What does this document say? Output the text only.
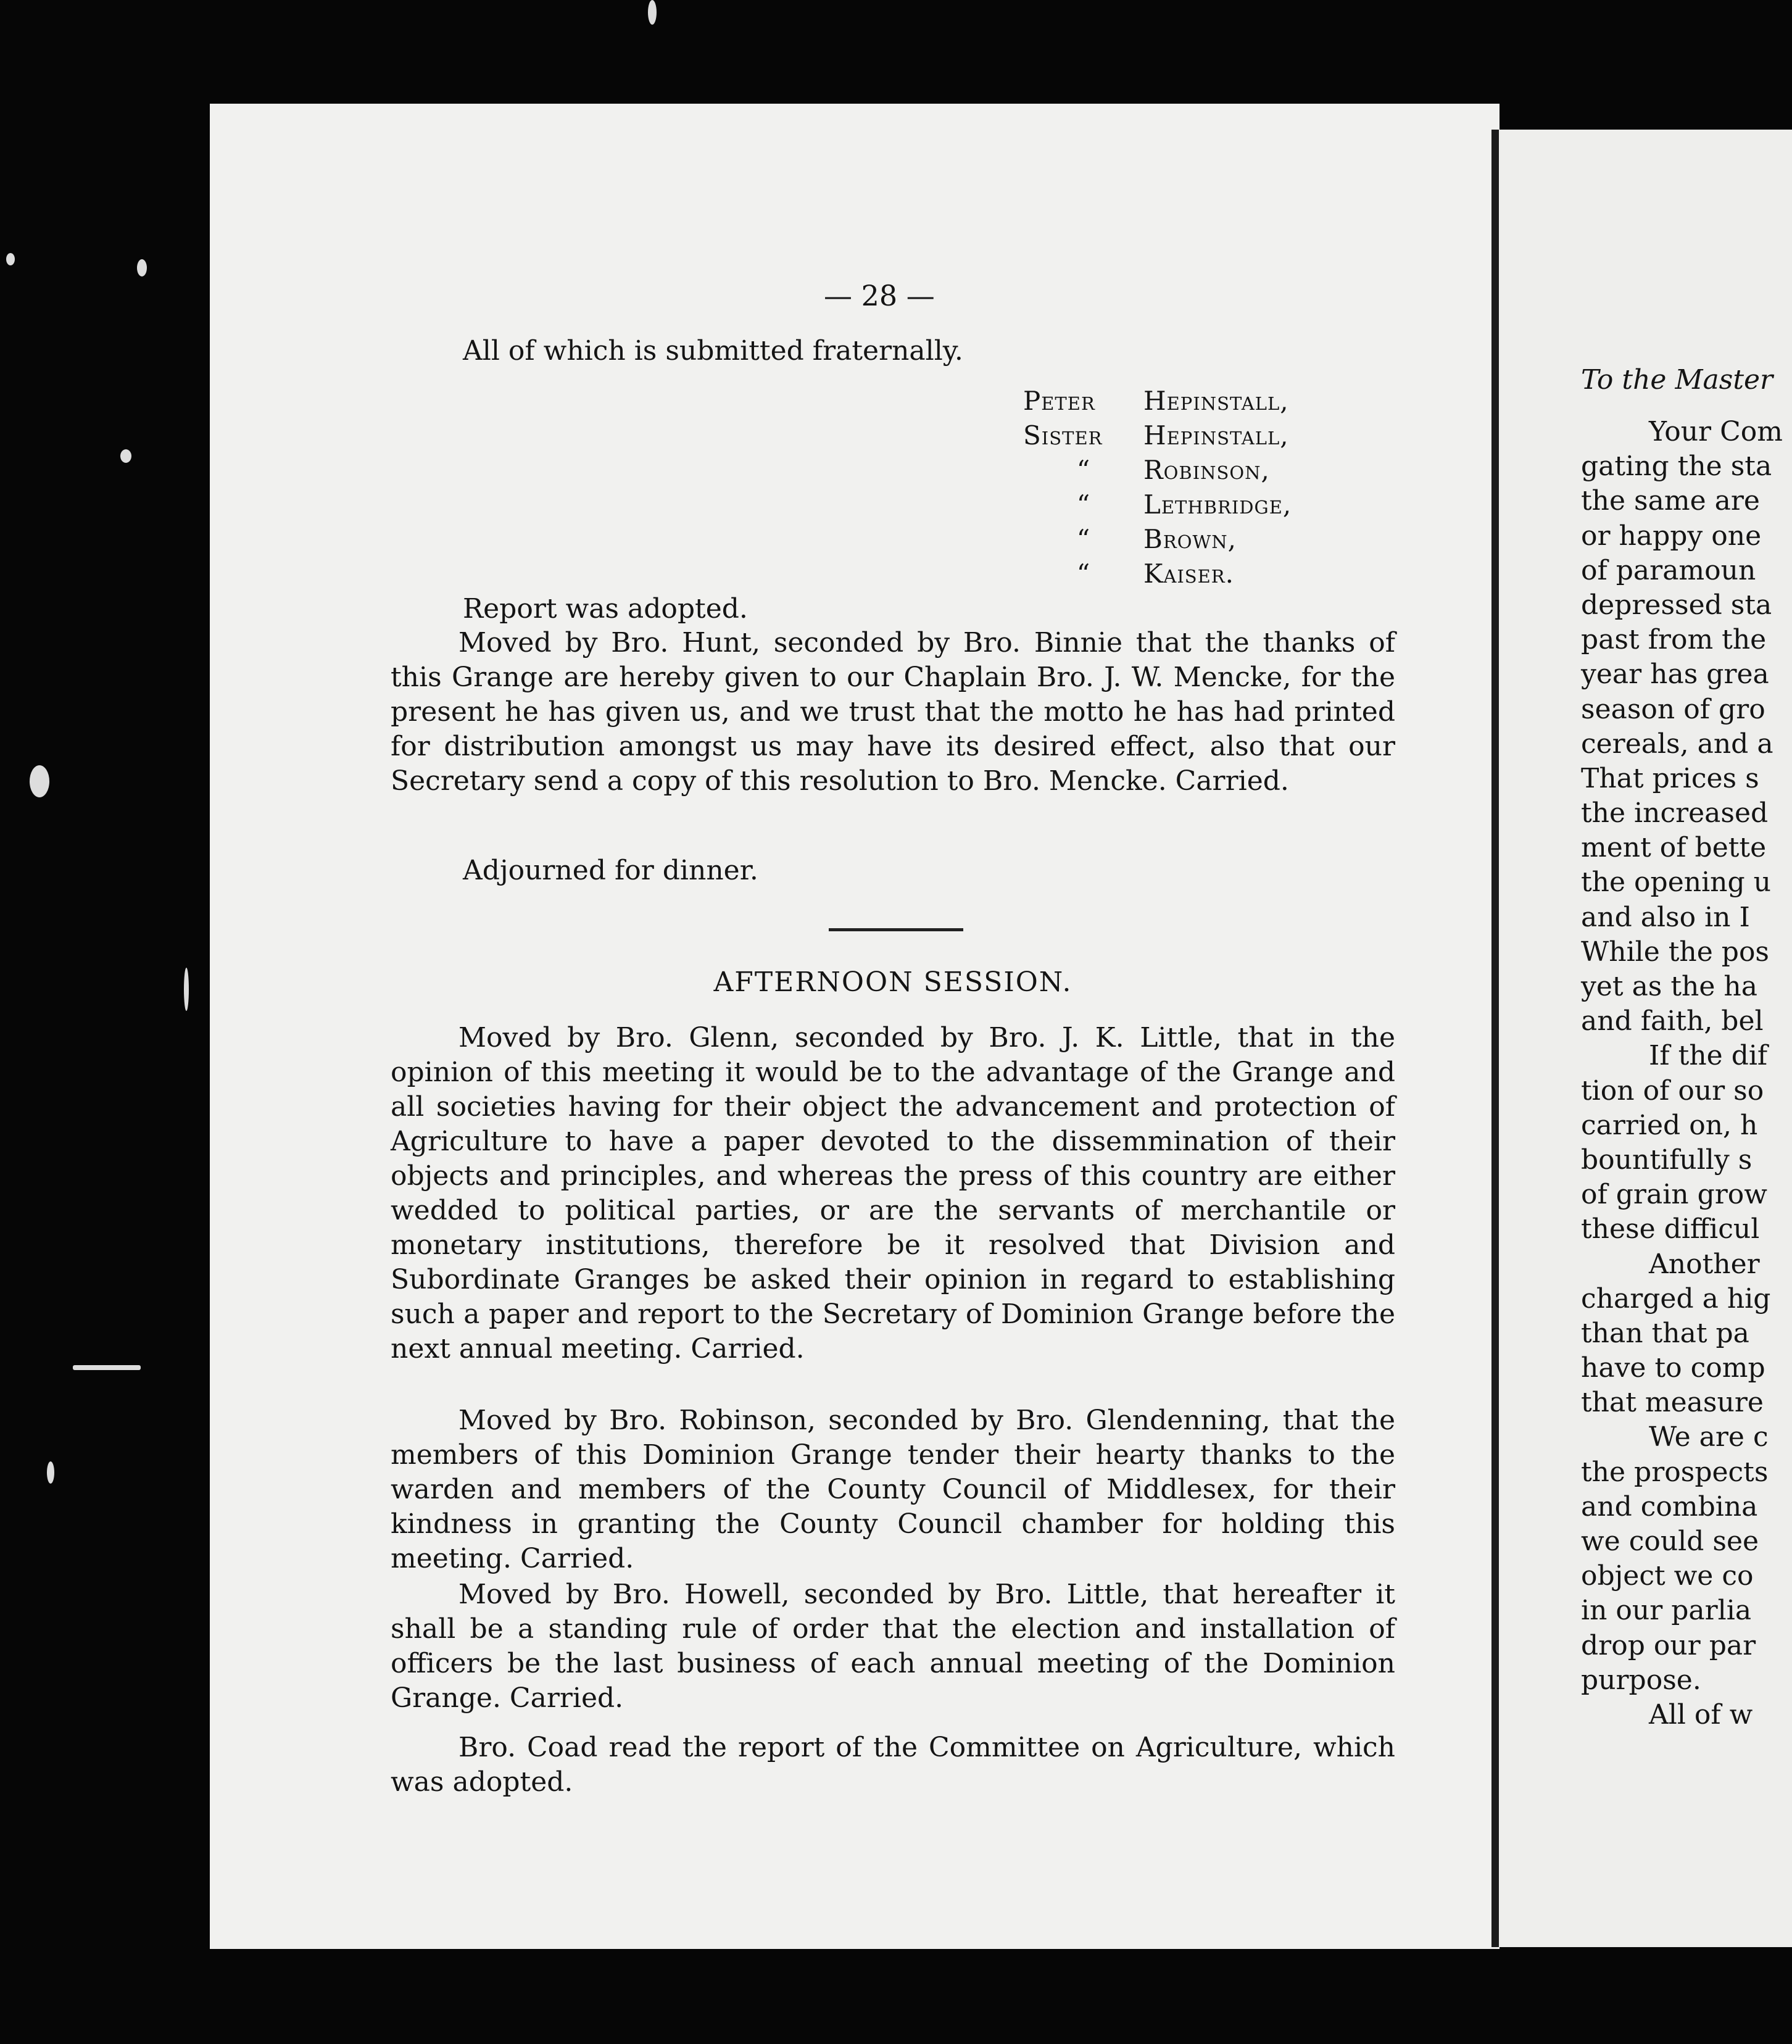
— 28 —
All of which is submitted fraternally.
Peter	Hepinstall,
Sister	Hepinstall,
“	Robinson,
“	Lethbridge,
“	Brown,
“	Kaiser.
Report was adopted.

Moved by Bro. Hunt, seconded by Bro. Binnie that the thanks of this Grange are hereby given to our Chaplain Bro. J. W. Mencke, for the present he has given us, and we trust that the motto he has had printed for distribution amongst us may have its desired effect, also that our Secretary send a copy of this resolution to Bro. Mencke. Carried.

Adjourned for dinner.
AFTERNOON SESSION.

Moved by Bro. Glenn, seconded by Bro. J. K. Little, that in the opinion of this meeting it would be to the advantage of the Grange and all societies having for their object the advancement and protection of Agriculture to have a paper devoted to the dissemmination of their objects and principles, and whereas the press of this country are either wedded to political parties, or are the servants of merchantile or monetary institutions, therefore be it resolved that Division and Subordinate Granges be asked their opinion in regard to establishing such a paper and report to the Secretary of Dominion Grange before the next annual meeting. Carried.

Moved by Bro. Robinson, seconded by Bro. Glendenning, that the members of this Dominion Grange tender their hearty thanks to the warden and members of the County Council of Middlesex, for their kindness in granting the County Council chamber for holding this meeting. Carried.

Moved by Bro. Howell, seconded by Bro. Little, that hereafter it shall be a standing rule of order that the election and installation of officers be the last business of each annual meeting of the Dominion Grange. Carried.

Bro. Coad read the report of the Committee on Agriculture, which was adopted.

To the Master
Your Com
gating the sta
the same are
or happy one
of paramoun
depressed sta
past from the
year has grea
season of gro
cereals, and a
That prices s
the increased
ment of bette
the opening u
and also in I
While the pos
yet as the ha
and faith, bel
If the dif
tion of our so
carried on, h
bountifully s
of grain grow
these difficul
Another
charged a hig
than that pa
have to comp
that measure
We are c
the prospects
and combina
we could see
object we co
in our parlia
drop our par
purpose.
All of w
